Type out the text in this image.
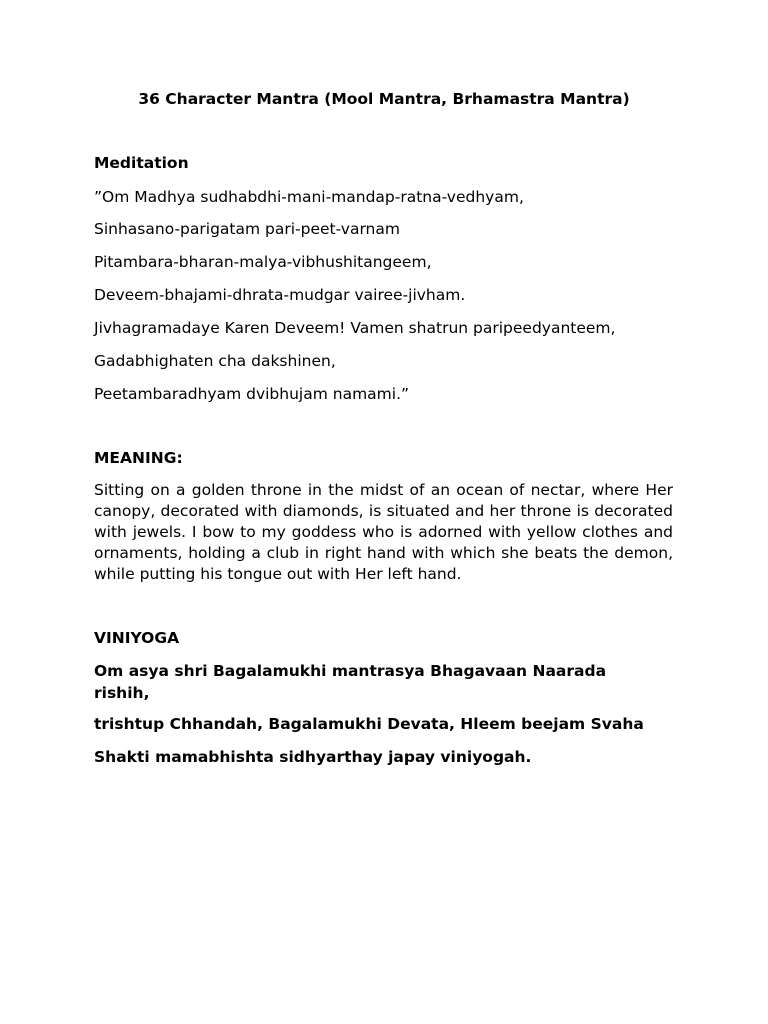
36 Character Mantra (Mool Mantra, Brhamastra Mantra)
Meditation
”Om Madhya sudhabdhi-mani-mandap-ratna-vedhyam,
Sinhasano-parigatam pari-peet-varnam
Pitambara-bharan-malya-vibhushitangeem,
Deveem-bhajami-dhrata-mudgar vairee-jivham.
Jivhagramadaye Karen Deveem! Vamen shatrun paripeedyanteem,
Gadabhighaten cha dakshinen,
Peetambaradhyam dvibhujam namami.”
MEANING:
Sitting on a golden throne in the midst of an ocean of nectar, where Her canopy, decorated with diamonds, is situated and her throne is decorated with jewels. I bow to my goddess who is adorned with yellow clothes and ornaments, holding a club in right hand with which she beats the demon, while putting his tongue out with Her left hand.
VINIYOGA
Om asya shri Bagalamukhi mantrasya Bhagavaan Naarada rishih,
trishtup Chhandah, Bagalamukhi Devata, Hleem beejam Svaha
Shakti mamabhishta sidhyarthay japay viniyogah.
